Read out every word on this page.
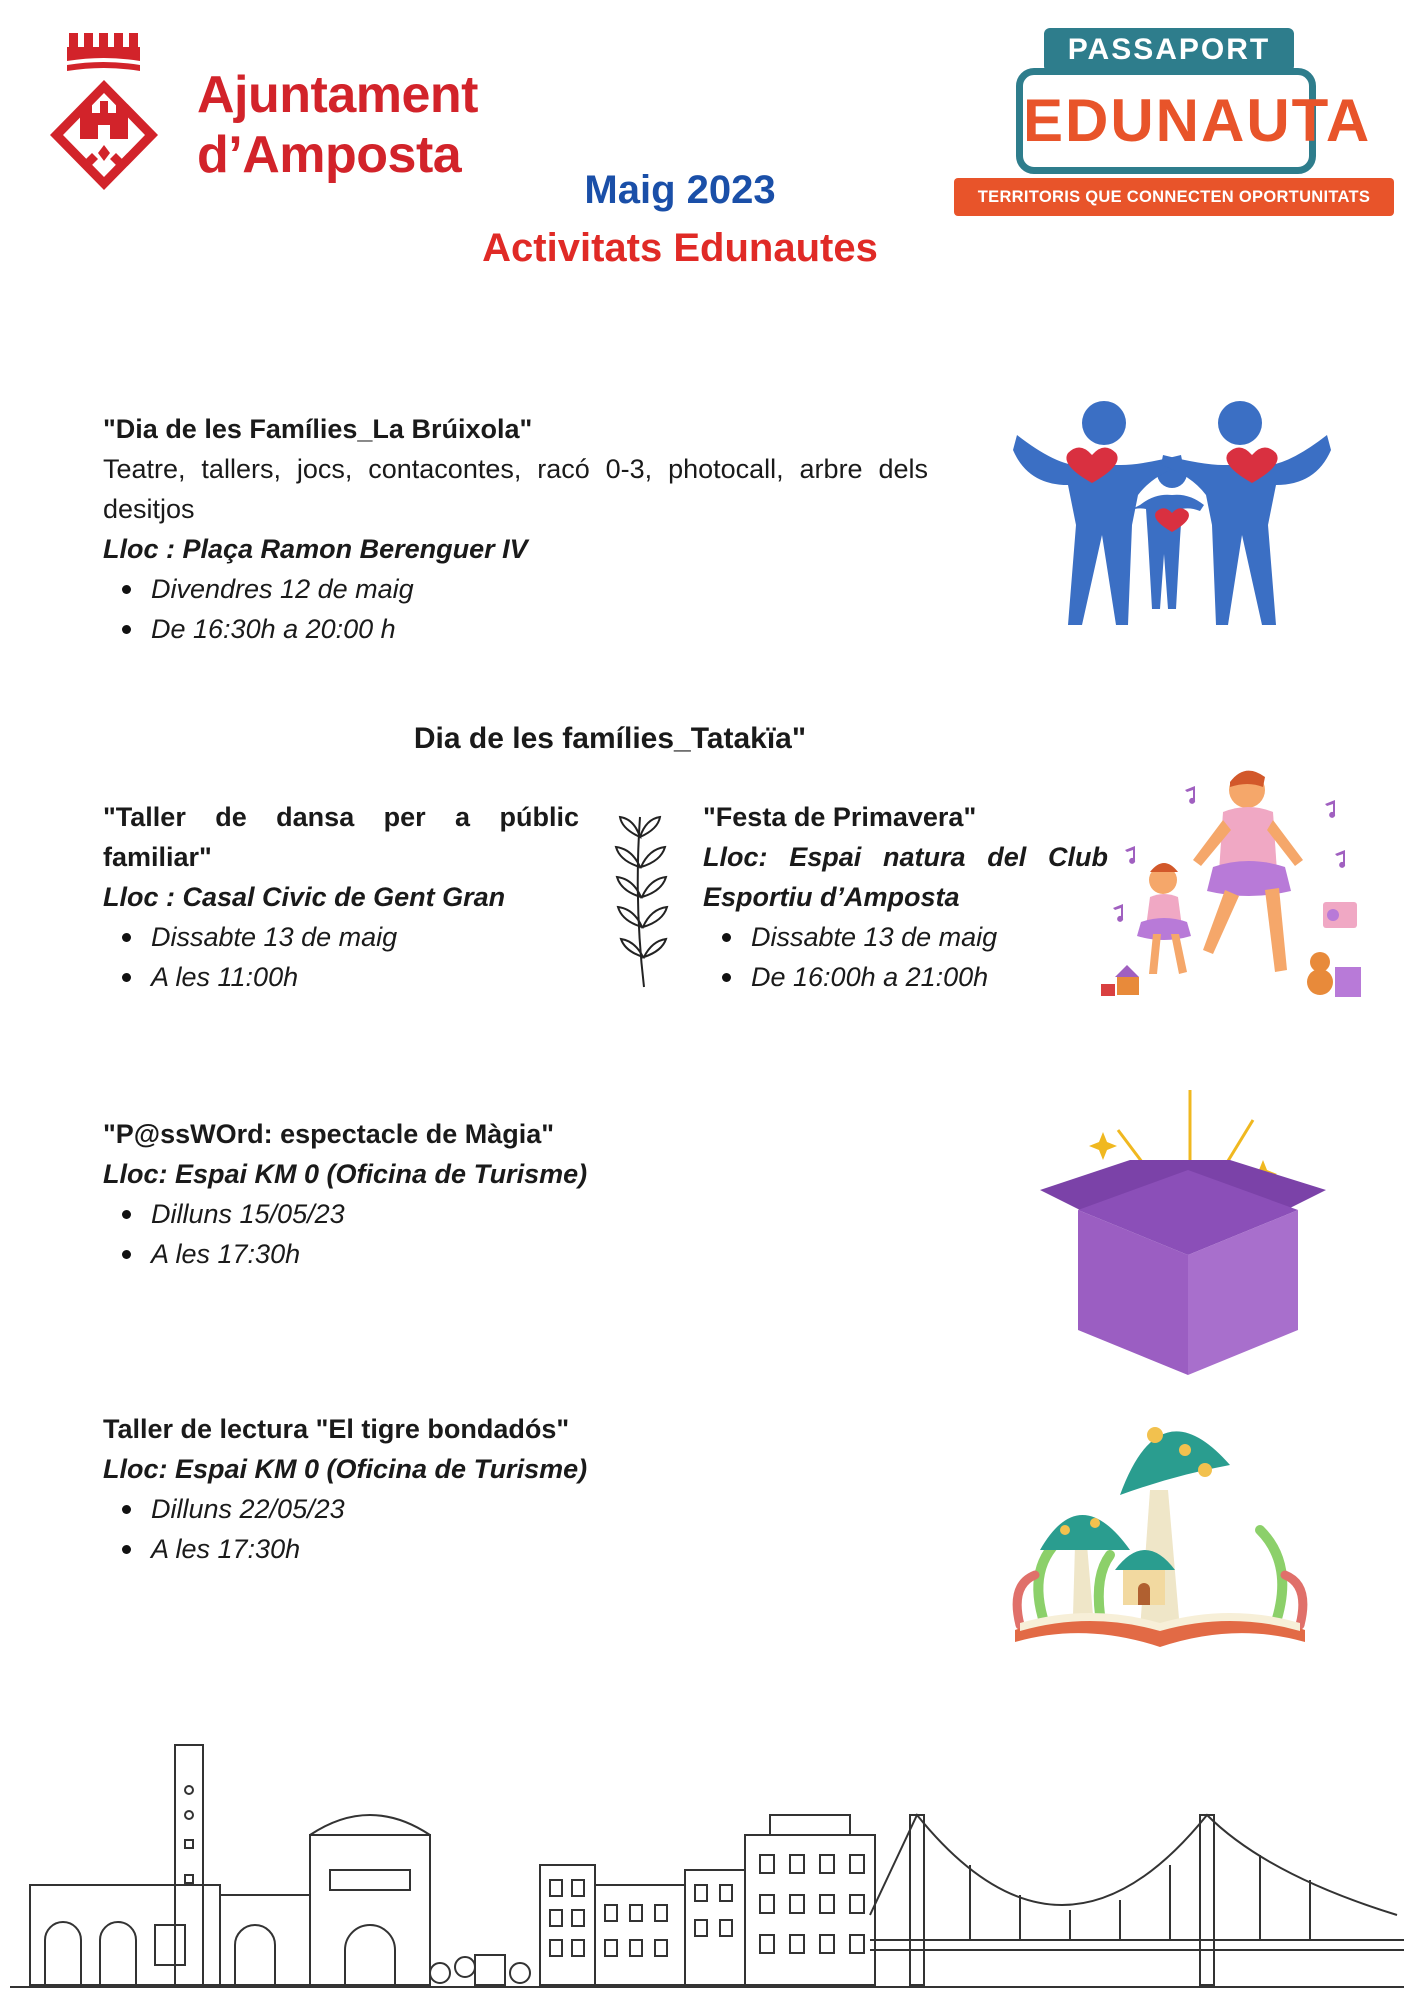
Ajuntament
d’Amposta
PASSAPORT
EDUNAUTA
TERRITORIS QUE CONNECTEN OPORTUNITATS
Maig 2023
Activitats Edunautes
"Dia de les Famílies_La Brúixola"
Teatre, tallers, jocs, contacontes, racó 0-3, photocall, arbre dels desitjos
Lloc : Plaça Ramon Berenguer IV
Divendres 12 de maig
De 16:30h a 20:00 h
Dia de les famílies_Tatakïa"
"Taller de dansa per a públic familiar"
Lloc : Casal Civic de Gent Gran
Dissabte 13 de maig
A les 11:00h
"Festa de Primavera"
Lloc: Espai natura del Club Esportiu d’Amposta
Dissabte 13 de maig
De 16:00h a 21:00h
"P@ssWOrd: espectacle de Màgia"
Lloc: Espai KM 0 (Oficina de Turisme)
Dilluns 15/05/23
A les 17:30h
Taller de lectura "El tigre bondadós"
Lloc: Espai KM 0 (Oficina de Turisme)
Dilluns 22/05/23
A les 17:30h
